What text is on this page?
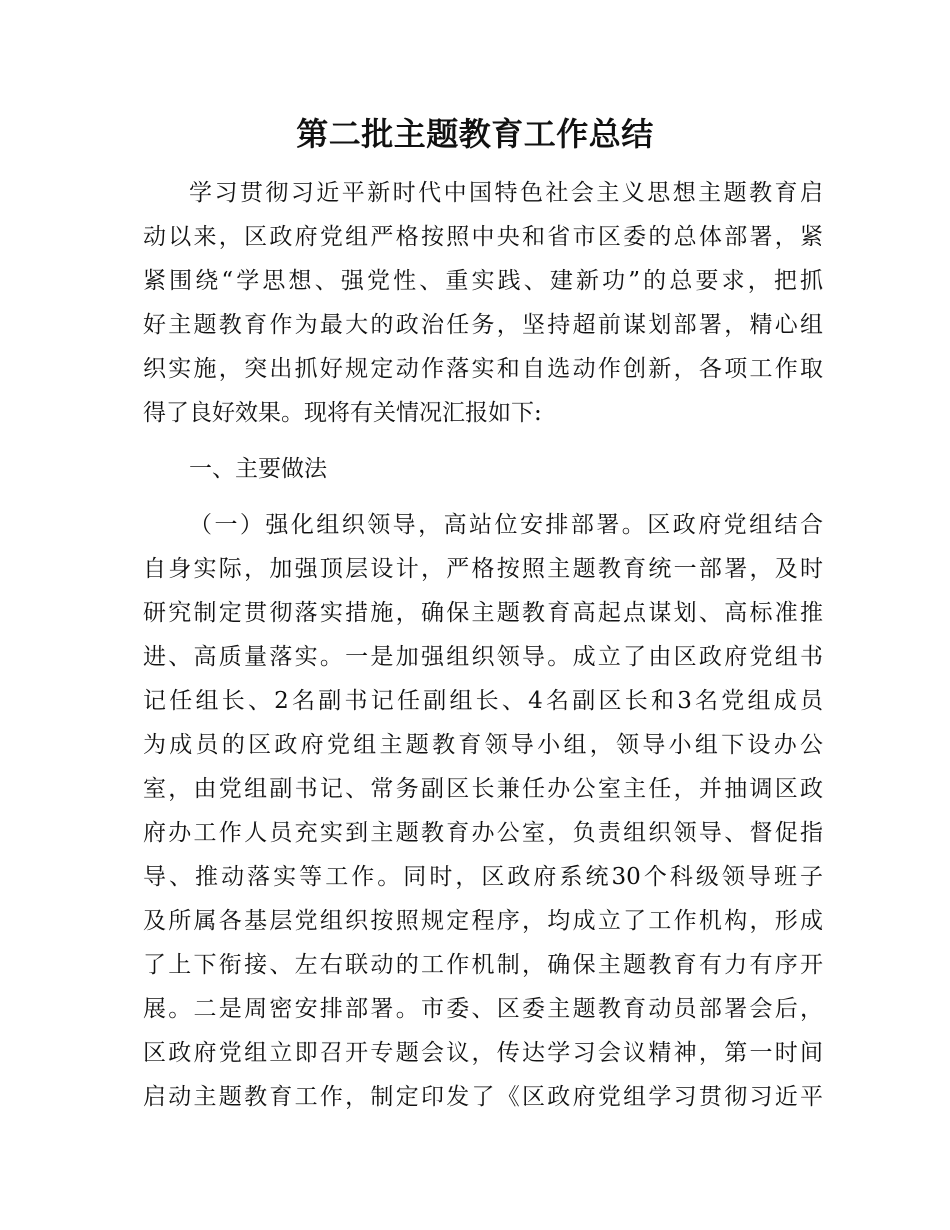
第二批主题教育工作总结
学习贯彻习近平新时代中国特色社会主义思想主题教育启
动以来，区政府党组严格按照中央和省市区委的总体部署，紧
紧围绕“学思想、强党性、重实践、建新功”的总要求，把抓
好主题教育作为最大的政治任务，坚持超前谋划部署，精心组
织实施，突出抓好规定动作落实和自选动作创新，各项工作取
得了良好效果。现将有关情况汇报如下:
一、主要做法
（一）强化组织领导，高站位安排部署。区政府党组结合
自身实际，加强顶层设计，严格按照主题教育统一部署，及时
研究制定贯彻落实措施，确保主题教育高起点谋划、高标准推
进、高质量落实。一是加强组织领导。成立了由区政府党组书
记任组长、2名副书记任副组长、4名副区长和3名党组成员
为成员的区政府党组主题教育领导小组，领导小组下设办公
室，由党组副书记、常务副区长兼任办公室主任，并抽调区政
府办工作人员充实到主题教育办公室，负责组织领导、督促指
导、推动落实等工作。同时，区政府系统30个科级领导班子
及所属各基层党组织按照规定程序，均成立了工作机构，形成
了上下衔接、左右联动的工作机制，确保主题教育有力有序开
展。二是周密安排部署。市委、区委主题教育动员部署会后，
区政府党组立即召开专题会议，传达学习会议精神，第一时间
启动主题教育工作，制定印发了《区政府党组学习贯彻习近平
